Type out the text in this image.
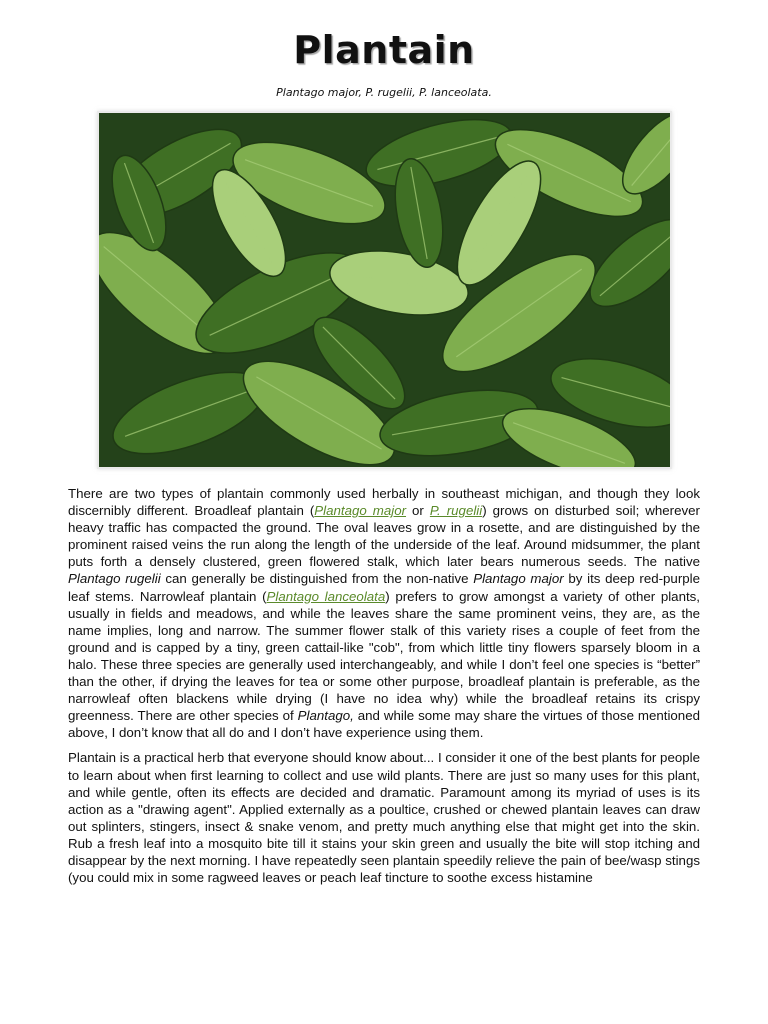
Plantain
Plantago major, P. rugelii, P. lanceolata.

There are two types of plantain commonly used herbally in southeast michigan, and though they look discernibly different. Broadleaf plantain (Plantago major or P. rugelii) grows on disturbed soil; wherever heavy traffic has compacted the ground. The oval leaves grow in a rosette, and are distinguished by the prominent raised veins the run along the length of the underside of the leaf. Around midsummer, the plant puts forth a densely clustered, green flowered stalk, which later bears numerous seeds. The native Plantago rugelii can generally be distinguished from the non-native Plantago major by its deep red-purple leaf stems. Narrowleaf plantain (Plantago lanceolata) prefers to grow amongst a variety of other plants, usually in fields and meadows, and while the leaves share the same prominent veins, they are, as the name implies, long and narrow. The summer flower stalk of this variety rises a couple of feet from the ground and is capped by a tiny, green cattail-like "cob", from which little tiny flowers sparsely bloom in a halo. These three species are generally used interchangeably, and while I don’t feel one species is “better” than the other, if drying the leaves for tea or some other purpose, broadleaf plantain is preferable, as the narrowleaf often blackens while drying (I have no idea why) while the broadleaf retains its crispy greenness. There are other species of Plantago, and while some may share the virtues of those mentioned above, I don’t know that all do and I don’t have experience using them.

Plantain is a practical herb that everyone should know about... I consider it one of the best plants for people to learn about when first learning to collect and use wild plants. There are just so many uses for this plant, and while gentle, often its effects are decided and dramatic. Paramount among its myriad of uses is its action as a "drawing agent". Applied externally as a poultice, crushed or chewed plantain leaves can draw out splinters, stingers, insect & snake venom, and pretty much anything else that might get into the skin. Rub a fresh leaf into a mosquito bite till it stains your skin green and usually the bite will stop itching and disappear by the next morning. I have repeatedly seen plantain speedily relieve the pain of bee/wasp stings (you could mix in some ragweed leaves or peach leaf tincture to soothe excess histamine
